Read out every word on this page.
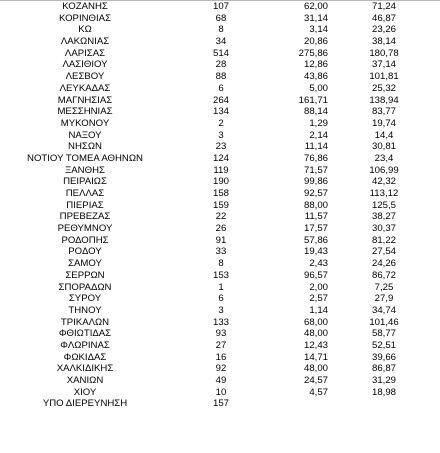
ΚΟΖΑΝΗΣ	107	62,00	71,24
ΚΟΡΙΝΘΙΑΣ	68	31,14	46,87
ΚΩ	8	3,14	23,26
ΛΑΚΩΝΙΑΣ	34	20,86	38,14
ΛΑΡΙΣΑΣ	514	275,86	180,78
ΛΑΣΙΘΙΟΥ	28	12,86	37,14
ΛΕΣΒΟΥ	88	43,86	101,81
ΛΕΥΚΑΔΑΣ	6	5,00	25,32
ΜΑΓΝΗΣΙΑΣ	264	161,71	138,94
ΜΕΣΣΗΝΙΑΣ	134	88,14	83,77
ΜΥΚΟΝΟΥ	2	1,29	19,74
ΝΑΞΟΥ	3	2,14	14,4
ΝΗΣΩΝ	23	11,14	30,81
ΝΟΤΙΟΥ ΤΟΜΕΑ ΑΘΗΝΩΝ	124	76,86	23,4
ΞΑΝΘΗΣ	119	71,57	106,99
ΠΕΙΡΑΙΩΣ	190	99,86	42,32
ΠΕΛΛΑΣ	158	92,57	113,12
ΠΙΕΡΙΑΣ	159	88,00	125,5
ΠΡΕΒΕΖΑΣ	22	11,57	38,27
ΡΕΘΥΜΝΟΥ	26	17,57	30,37
ΡΟΔΟΠΗΣ	91	57,86	81,22
ΡΟΔΟΥ	33	19,43	27,54
ΣΑΜΟΥ	8	2,43	24,26
ΣΕΡΡΩΝ	153	96,57	86,72
ΣΠΟΡΑΔΩΝ	1	2,00	7,25
ΣΥΡΟΥ	6	2,57	27,9
ΤΗΝΟΥ	3	1,14	34,74
ΤΡΙΚΑΛΩΝ	133	68,00	101,46
ΦΘΙΩΤΙΔΑΣ	93	48,00	58,77
ΦΛΩΡΙΝΑΣ	27	12,43	52,51
ΦΩΚΙΔΑΣ	16	14,71	39,66
ΧΑΛΚΙΔΙΚΗΣ	92	48,00	86,87
ΧΑΝΙΩΝ	49	24,57	31,29
ΧΙΟΥ	10	4,57	18,98
ΥΠΟ ΔΙΕΡΕΥΝΗΣΗ	157
